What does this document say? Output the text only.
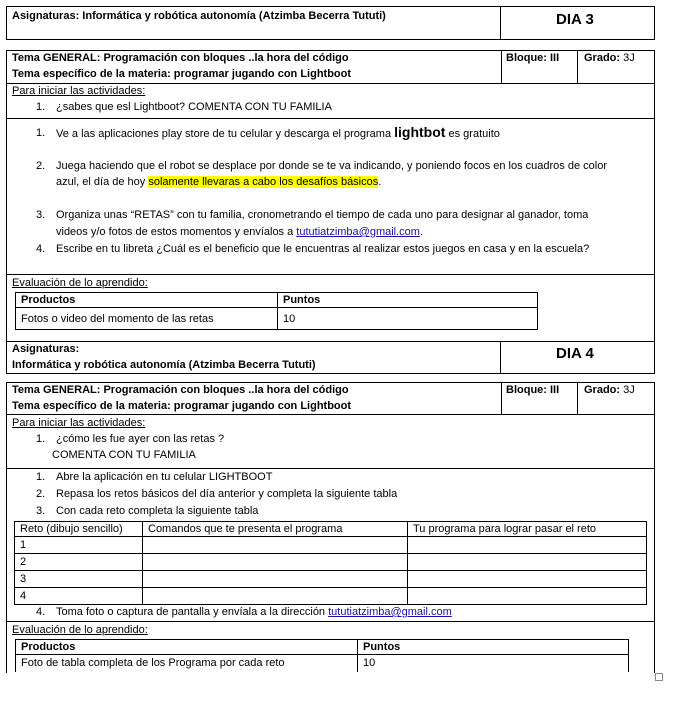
Asignaturas: Informática y robótica autonomía (Atzimba Becerra Tututi)	DIA 3
Tema GENERAL: Programación con bloques ..la hora del código
Tema específico de la materia: programar jugando con Lightboot
Bloque: III Grado: 3J
Para iniciar las actividades:
1. ¿sabes que esl Lightboot? COMENTA CON TU FAMILIA
1. Ve a las aplicaciones play store de tu celular y descarga el programa lightbot es gratuito
2. Juega haciendo que el robot se desplace por donde se te va indicando, y poniendo focos en los cuadros de color
azul, el día de hoy solamente llevaras a cabo los desafíos básicos.
3. Organiza unas “RETAS” con tu familia, cronometrando el tiempo de cada uno para designar al ganador, toma
videos y/o fotos de estos momentos y envíalos a tututiatzimba@gmail.com.
4. Escribe en tu libreta ¿Cuál es el beneficio que le encuentras al realizar estos juegos en casa y en la escuela?
Evaluación de lo aprendido:
Productos	Puntos
Fotos o video del momento de las retas	10
Asignaturas:
Informática y robótica autonomía (Atzimba Becerra Tututi)
DIA 4
Tema GENERAL: Programación con bloques ..la hora del código
Tema específico de la materia: programar jugando con Lightboot
Bloque: III Grado: 3J
Para iniciar las actividades:
1. ¿cómo les fue ayer con las retas ?
COMENTA CON TU FAMILIA
1. Abre la aplicación en tu celular LIGHTBOOT
2. Repasa los retos básicos del día anterior y completa la siguiente tabla
3. Con cada reto completa la siguiente tabla
Reto (dibujo sencillo)	Comandos que te presenta el programa	Tu programa para lograr pasar el reto
1		
2		
3		
4		
4. Toma foto o captura de pantalla y envíala a la dirección tututiatzimba@gmail.com
Evaluación de lo aprendido:
Productos	Puntos
Foto de tabla completa de los Programa por cada reto	10
